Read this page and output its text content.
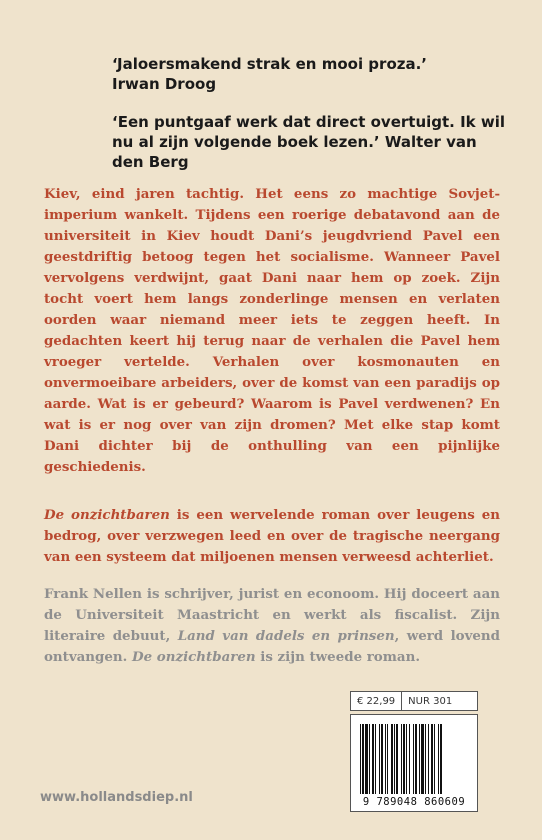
‘Jaloersmakend strak en mooi proza.’
Irwan Droog
‘Een puntgaaf werk dat direct overtuigt. Ik wil nu al zijn volgende boek lezen.’ Walter van den Berg
Kiev, eind jaren tachtig. Het eens zo machtige Sovjet-imperium wankelt. Tijdens een roerige debatavond aan de universiteit in Kiev houdt Dani’s jeugdvriend Pavel een geestdriftig betoog tegen het socialisme. Wanneer Pavel vervolgens verdwijnt, gaat Dani naar hem op zoek. Zijn tocht voert hem langs zonderlinge mensen en verlaten oorden waar niemand meer iets te zeggen heeft. In gedachten keert hij terug naar de verhalen die Pavel hem vroeger vertelde. Verhalen over kosmonauten en onvermoeibare arbeiders, over de komst van een paradijs op aarde. Wat is er gebeurd? Waarom is Pavel verdwenen? En wat is er nog over van zijn dromen? Met elke stap komt Dani dichter bij de onthulling van een pijnlijke geschiedenis.
De onzichtbaren is een wervelende roman over leugens en bedrog, over verzwegen leed en over de tragische neergang van een systeem dat miljoenen mensen verweesd achterliet.
Frank Nellen is schrijver, jurist en econoom. Hij doceert aan de Universiteit Maastricht en werkt als fiscalist. Zijn literaire debuut, Land van dadels en prinsen, werd lovend ontvangen. De onzichtbaren is zijn tweede roman.
€ 22,99	NUR 301
9 789048 860609
www.hollandsdiep.nl
